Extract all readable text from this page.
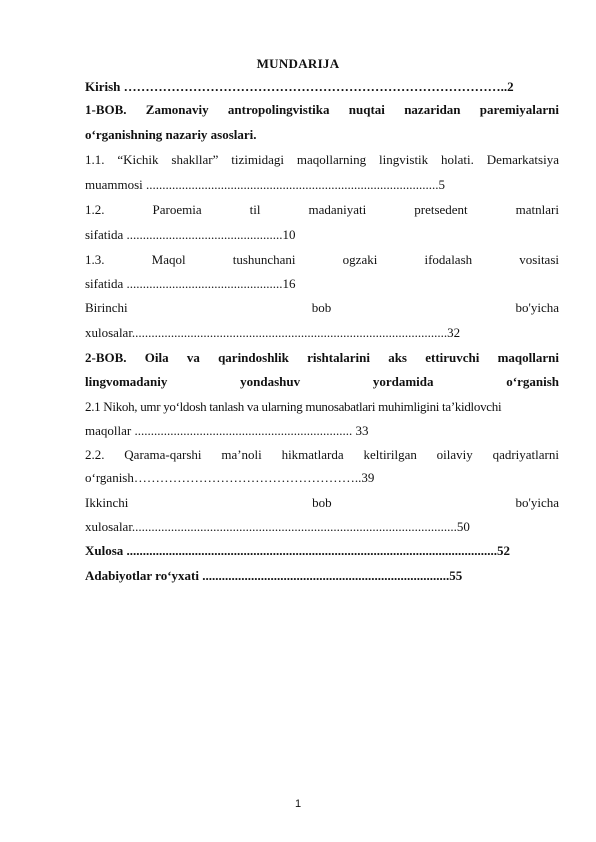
MUNDARIJA
Kirish ……………………………………………………………………………..2
1-BOB. Zamonaviy antropolingvistika nuqtai nazaridan paremiyalarni
o‘rganishning nazariy asoslari.
1.1. “Kichik shakllar” tizimidagi maqollarning lingvistik holati. Demarkatsiya
muammosi ..........................................................................................5
1.2. Paroemia til madaniyati pretsedent matnlari
sifatida ................................................10
1.3. Maqol tushunchani ogzaki ifodalash vositasi
sifatida ................................................16
Birinchi bob bo'yicha
xulosalar.................................................................................................32
2-BOB. Oila va qarindoshlik rishtalarini aks ettiruvchi maqollarni
lingvomadaniy yondashuv yordamida o‘rganish
2.1 Nikoh, umr yo‘ldosh tanlash va ularning munosabatlari muhimligini ta’kidlovchi
maqollar ................................................................... 33
2.2. Qarama-qarshi ma’noli hikmatlarda keltirilgan oilaviy qadriyatlarni
o‘rganish……………………………………………..39
Ikkinchi bob bo'yicha
xulosalar....................................................................................................50
Xulosa ..................................................................................................................52
Adabiyotlar ro‘yxati ............................................................................55
1
